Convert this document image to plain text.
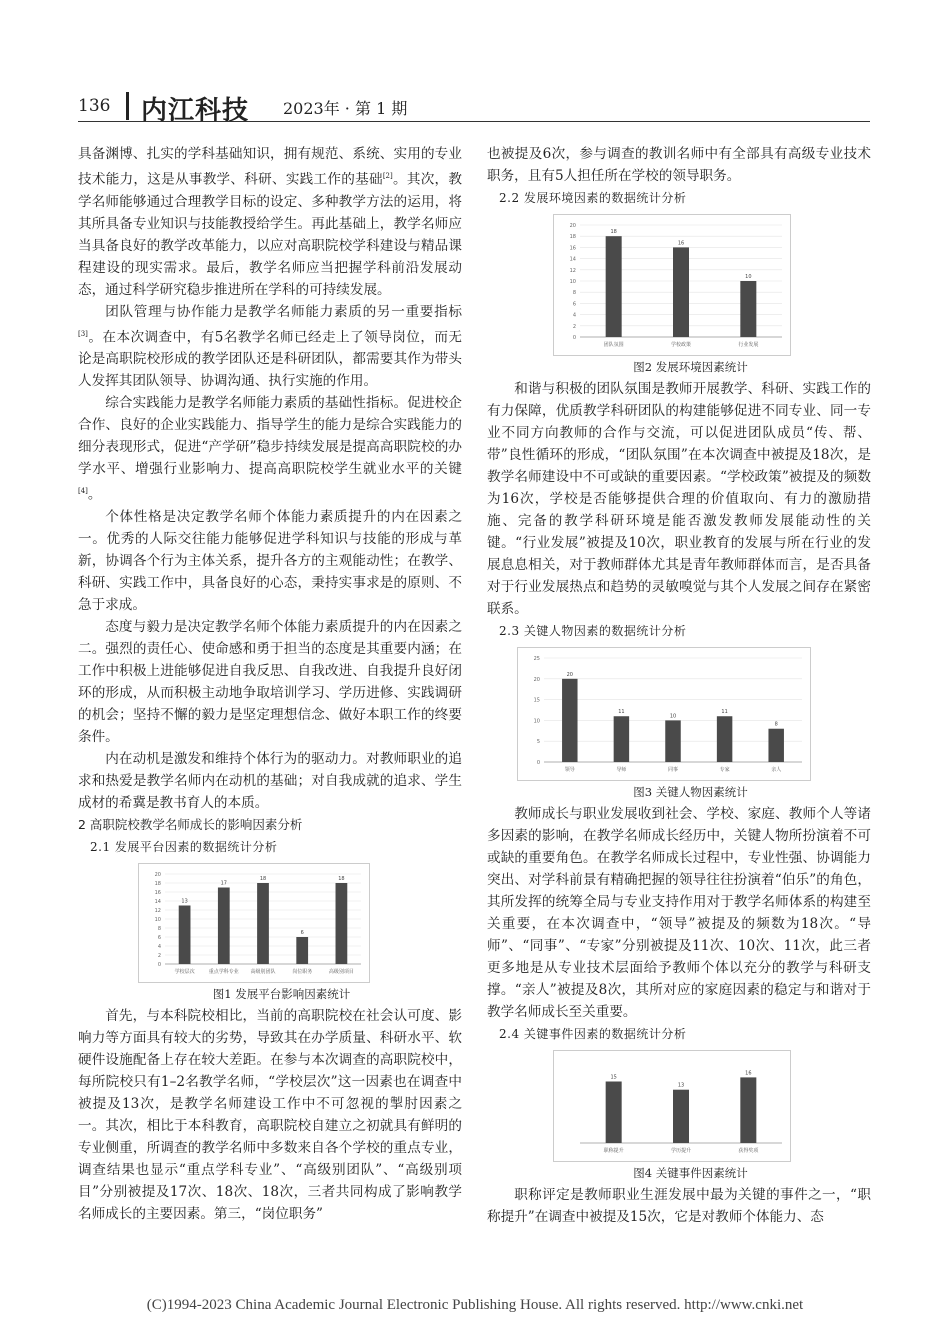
136 内江科技 2023年 · 第 1 期

具备渊博、扎实的学科基础知识，拥有规范、系统、实用的专业技术能力，这是从事教学、科研、实践工作的基础[2]。其次，教学名师能够通过合理教学目标的设定、多种教学方法的运用，将其所具备专业知识与技能教授给学生。再此基础上，教学名师应当具备良好的教学改革能力，以应对高职院校学科建设与精品课程建设的现实需求。最后，教学名师应当把握学科前沿发展动态，通过科学研究稳步推进所在学科的可持续发展。

团队管理与协作能力是教学名师能力素质的另一重要指标[3]。在本次调查中，有5名教学名师已经走上了领导岗位，而无论是高职院校形成的教学团队还是科研团队，都需要其作为带头人发挥其团队领导、协调沟通、执行实施的作用。

综合实践能力是教学名师能力素质的基础性指标。促进校企合作、良好的企业实践能力、指导学生的能力是综合实践能力的细分表现形式，促进“产学研”稳步持续发展是提高高职院校的办学水平、增强行业影响力、提高高职院校学生就业水平的关键[4]。

个体性格是决定教学名师个体能力素质提升的内在因素之一。优秀的人际交往能力能够促进学科知识与技能的形成与革新，协调各个行为主体关系，提升各方的主观能动性；在教学、科研、实践工作中，具备良好的心态，秉持实事求是的原则、不急于求成。

态度与毅力是决定教学名师个体能力素质提升的内在因素之二。强烈的责任心、使命感和勇于担当的态度是其重要内涵；在工作中积极上进能够促进自我反思、自我改进、自我提升良好闭环的形成，从而积极主动地争取培训学习、学历进修、实践调研的机会；坚持不懈的毅力是坚定理想信念、做好本职工作的终要条件。

内在动机是激发和维持个体行为的驱动力。对教师职业的追求和热爱是教学名师内在动机的基础；对自我成就的追求、学生成材的希冀是教书育人的本质。

2 高职院校教学名师成长的影响因素分析

2.1 发展平台因素的数据统计分析

0
2
4
6
8
10
12
14
16
18
20
13
学校层次
17
重点学科专业
18
高级别团队
6
岗位职务
18
高级别项目

图1 发展平台影响因素统计

首先，与本科院校相比，当前的高职院校在社会认可度、影响力等方面具有较大的劣势，导致其在办学质量、科研水平、软硬件设施配备上存在较大差距。在参与本次调查的高职院校中，每所院校只有1–2名教学名师，“学校层次”这一因素也在调查中被提及13次，是教学名师建设工作中不可忽视的掣肘因素之一。其次，相比于本科教育，高职院校自建立之初就具有鲜明的专业侧重，所调查的教学名师中多数来自各个学校的重点专业，调查结果也显示“重点学科专业”、“高级别团队”、“高级别项目”分别被提及17次、18次、18次，三者共同构成了影响教学名师成长的主要因素。第三，“岗位职务”

也被提及6次，参与调查的教训名师中有全部具有高级专业技术职务，且有5人担任所在学校的领导职务。

2.2 发展环境因素的数据统计分析

0
2
4
6
8
10
12
14
16
18
20
18
团队氛围
16
学校政策
10
行业发展

图2 发展环境因素统计

和谐与积极的团队氛围是教师开展教学、科研、实践工作的有力保障，优质教学科研团队的构建能够促进不同专业、同一专业不同方向教师的合作与交流，可以促进团队成员“传、帮、带”良性循环的形成，“团队氛围”在本次调查中被提及18次，是教学名师建设中不可或缺的重要因素。“学校政策”被提及的频数为16次，学校是否能够提供合理的价值取向、有力的激励措施、完备的教学科研环境是能否激发教师发展能动性的关键。“行业发展”被提及10次，职业教育的发展与所在行业的发展息息相关，对于教师群体尤其是青年教师群体而言，是否具备对于行业发展热点和趋势的灵敏嗅觉与其个人发展之间存在紧密联系。

2.3 关键人物因素的数据统计分析

0
5
10
15
20
25
20
领导
11
导师
10
同事
11
专家
8
亲人

图3 关键人物因素统计

教师成长与职业发展收到社会、学校、家庭、教师个人等诸多因素的影响，在教学名师成长经历中，关键人物所扮演着不可或缺的重要角色。在教学名师成长过程中，专业性强、协调能力突出、对学科前景有精确把握的领导往往扮演着“伯乐”的角色，其所发挥的统筹全局与专业支持作用对于教学名师体系的构建至关重要，在本次调查中，“领导”被提及的频数为18次。“导师”、“同事”、“专家”分别被提及11次、10次、11次，此三者更多地是从专业技术层面给予教师个体以充分的教学与科研支撑。“亲人”被提及8次，其所对应的家庭因素的稳定与和谐对于教学名师成长至关重要。

2.4 关键事件因素的数据统计分析

15
职称提升
13
学历提升
16
获得奖项

图4 关键事件因素统计

职称评定是教师职业生涯发展中最为关键的事件之一，“职称提升”在调查中被提及15次，它是对教师个体能力、态

(C)1994-2023 China Academic Journal Electronic Publishing House. All rights reserved. http://www.cnki.net
